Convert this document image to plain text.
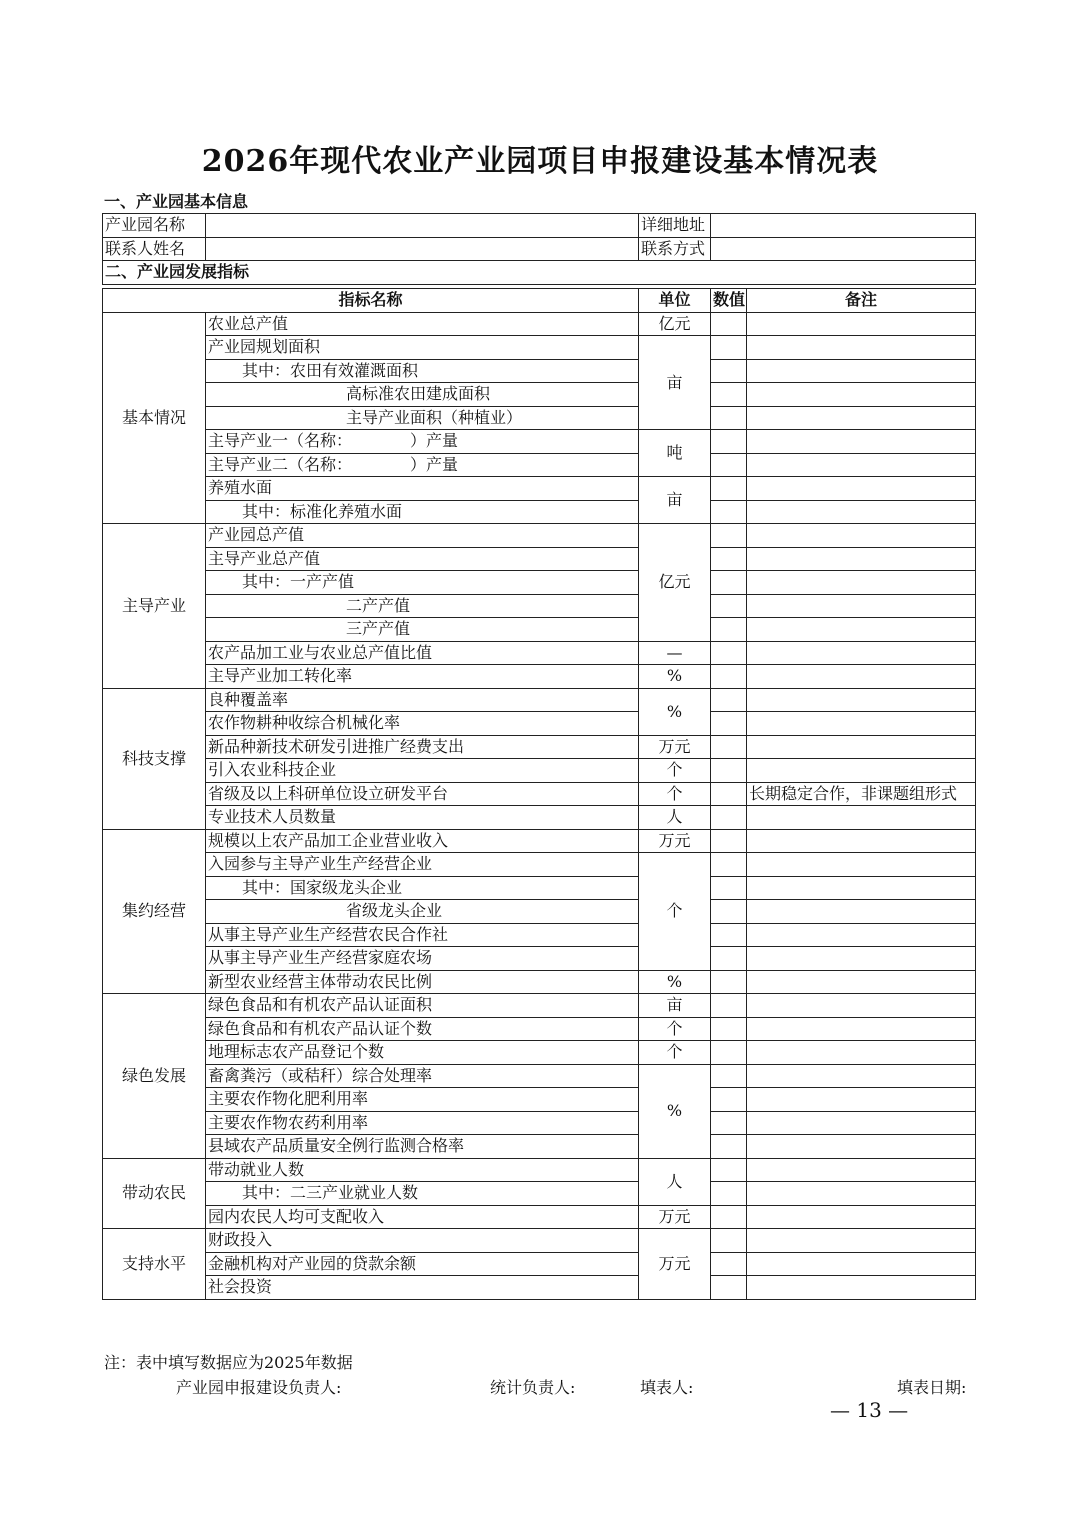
2026年现代农业产业园项目申报建设基本情况表
一、产业园基本信息
产业园名称		详细地址	
联系人姓名		联系方式	
二、产业园发展指标			
指标名称		单位	数值	备注
基本情况	农业总产值	亿元		
	产业园规划面积	亩		
	其中：农田有效灌溉面积			
	高标准农田建成面积			
	主导产业面积（种植业）			
	主导产业一（名称： ）产量	吨		
	主导产业二（名称： ）产量			
	养殖水面	亩		
	其中：标准化养殖水面			
主导产业	产业园总产值	亿元		
	主导产业总产值			
	其中：一产产值			
	二产产值			
	三产产值			
	农产品加工业与农业总产值比值	—		
	主导产业加工转化率	%		
科技支撑	良种覆盖率	%		
	农作物耕种收综合机械化率			
	新品种新技术研发引进推广经费支出	万元		
	引入农业科技企业	个		
	省级及以上科研单位设立研发平台	个		长期稳定合作，非课题组形式
	专业技术人员数量	人		
集约经营	规模以上农产品加工企业营业收入	万元		
	入园参与主导产业生产经营企业	个		
	其中：国家级龙头企业			
	省级龙头企业			
	从事主导产业生产经营农民合作社			
	从事主导产业生产经营家庭农场			
	新型农业经营主体带动农民比例	%		
绿色发展	绿色食品和有机农产品认证面积	亩		
	绿色食品和有机农产品认证个数	个		
	地理标志农产品登记个数	个		
	畜禽粪污（或秸秆）综合处理率	%		
	主要农作物化肥利用率			
	主要农作物农药利用率			
	县域农产品质量安全例行监测合格率			
带动农民	带动就业人数	人		
	其中：二三产业就业人数			
	园内农民人均可支配收入	万元		
支持水平	财政投入	万元		
	金融机构对产业园的贷款余额			
	社会投资			
注：表中填写数据应为2025年数据
产业园申报建设负责人:	统计负责人:	填表人:	填表日期:
— 13 —
